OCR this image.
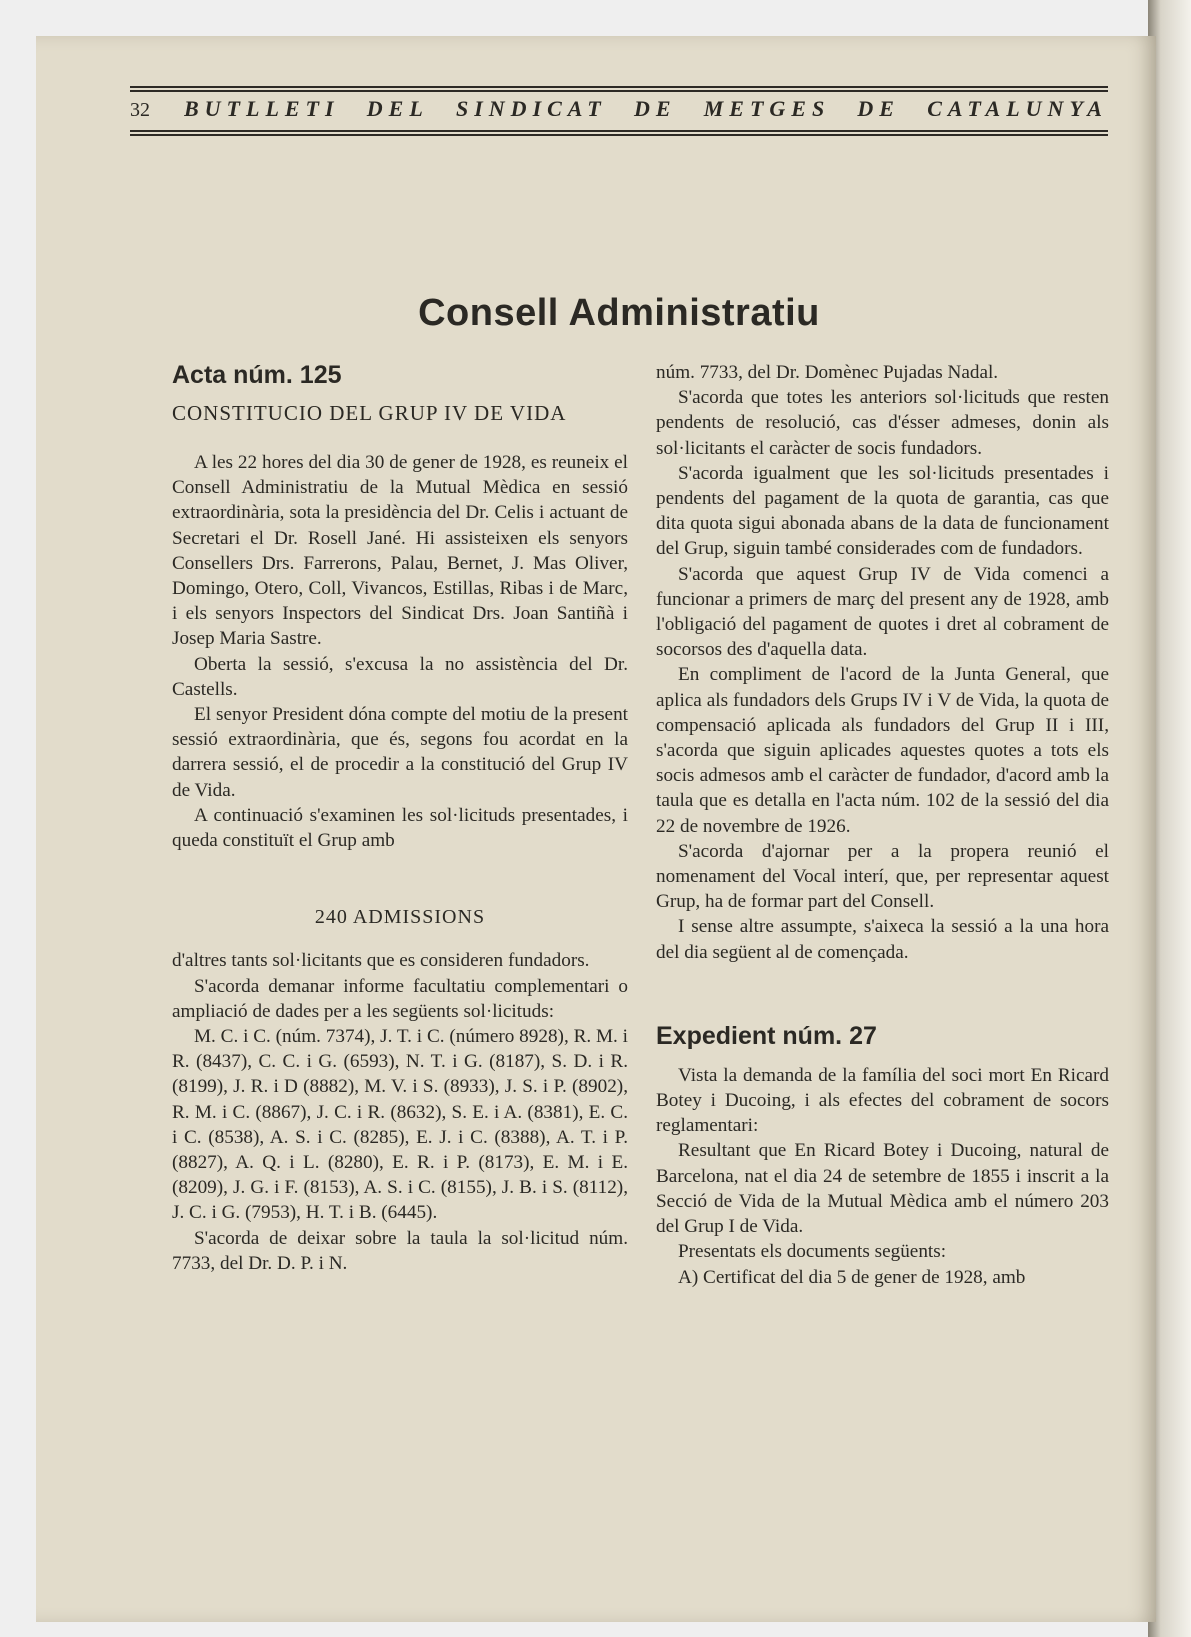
32	BUTLLETI DEL SINDICAT DE METGES DE CATALUNYA
Consell Administratiu
Acta núm. 125
CONSTITUCIO DEL GRUP IV DE VIDA

A les 22 hores del dia 30 de gener de 1928, es reuneix el Consell Administratiu de la Mutual Mèdica en sessió extraordinària, sota la presidència del Dr. Celis i actuant de Secretari el Dr. Rosell Jané. Hi assisteixen els senyors Consellers Drs. Farrerons, Palau, Bernet, J. Mas Oliver, Domingo, Otero, Coll, Vivancos, Estillas, Ribas i de Marc, i els senyors Inspectors del Sindicat Drs. Joan Santiñà i Josep Maria Sastre.

Oberta la sessió, s'excusa la no assistència del Dr. Castells.

El senyor President dóna compte del motiu de la present sessió extraordinària, que és, segons fou acordat en la darrera sessió, el de procedir a la constitució del Grup IV de Vida.

A continuació s'examinen les sol·licituds presentades, i queda constituït el Grup amb

240 ADMISSIONS

d'altres tants sol·licitants que es consideren fundadors.

S'acorda demanar informe facultatiu complementari o ampliació de dades per a les següents sol·licituds:

M. C. i C. (núm. 7374), J. T. i C. (número 8928), R. M. i R. (8437), C. C. i G. (6593), N. T. i G. (8187), S. D. i R. (8199), J. R. i D (8882), M. V. i S. (8933), J. S. i P. (8902), R. M. i C. (8867), J. C. i R. (8632), S. E. i A. (8381), E. C. i C. (8538), A. S. i C. (8285), E. J. i C. (8388), A. T. i P. (8827), A. Q. i L. (8280), E. R. i P. (8173), E. M. i E. (8209), J. G. i F. (8153), A. S. i C. (8155), J. B. i S. (8112), J. C. i G. (7953), H. T. i B. (6445).

S'acorda de deixar sobre la taula la sol·licitud núm. 7733, del Dr. D. P. i N.

núm. 7733, del Dr. Domènec Pujadas Nadal.

S'acorda que totes les anteriors sol·licituds que resten pendents de resolució, cas d'ésser admeses, donin als sol·licitants el caràcter de socis fundadors.

S'acorda igualment que les sol·licituds presentades i pendents del pagament de la quota de garantia, cas que dita quota sigui abonada abans de la data de funcionament del Grup, siguin també considerades com de fundadors.

S'acorda que aquest Grup IV de Vida comenci a funcionar a primers de març del present any de 1928, amb l'obligació del pagament de quotes i dret al cobrament de socorsos des d'aquella data.

En compliment de l'acord de la Junta General, que aplica als fundadors dels Grups IV i V de Vida, la quota de compensació aplicada als fundadors del Grup II i III, s'acorda que siguin aplicades aquestes quotes a tots els socis admesos amb el caràcter de fundador, d'acord amb la taula que es detalla en l'acta núm. 102 de la sessió del dia 22 de novembre de 1926.

S'acorda d'ajornar per a la propera reunió el nomenament del Vocal interí, que, per representar aquest Grup, ha de formar part del Consell.

I sense altre assumpte, s'aixeca la sessió a la una hora del dia següent al de començada.

Expedient núm. 27

Vista la demanda de la família del soci mort En Ricard Botey i Ducoing, i als efectes del cobrament de socors reglamentari:

Resultant que En Ricard Botey i Ducoing, natural de Barcelona, nat el dia 24 de setembre de 1855 i inscrit a la Secció de Vida de la Mutual Mèdica amb el número 203 del Grup I de Vida.

Presentats els documents següents:

A) Certificat del dia 5 de gener de 1928, amb
